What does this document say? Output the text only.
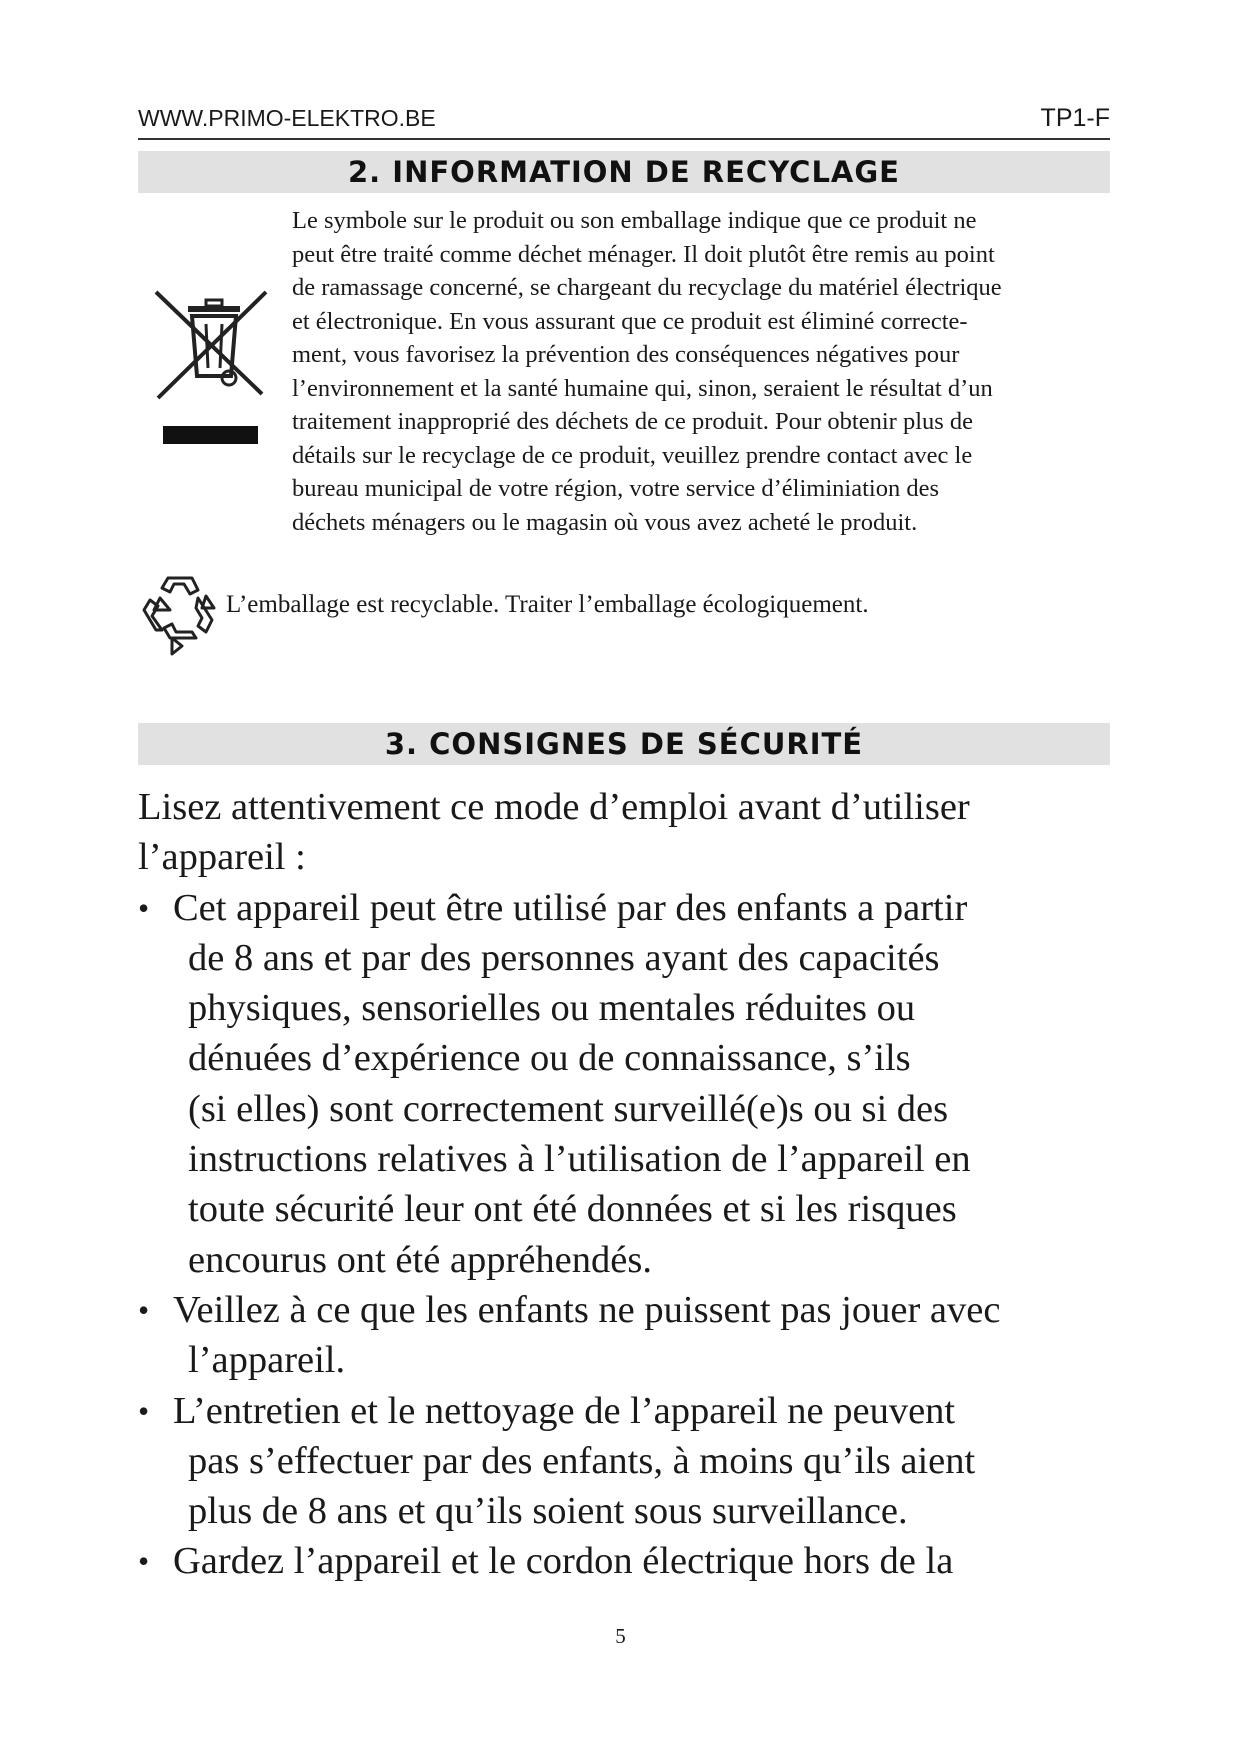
WWW.PRIMO-ELEKTRO.BE	TP1-F
2. INFORMATION DE RECYCLAGE
Le symbole sur le produit ou son emballage indique que ce produit ne
peut être traité comme déchet ménager. Il doit plutôt être remis au point
de ramassage concerné, se chargeant du recyclage du matériel électrique
et électronique. En vous assurant que ce produit est éliminé correcte-
ment, vous favorisez la prévention des conséquences négatives pour
l’environnement et la santé humaine qui, sinon, seraient le résultat d’un
traitement inapproprié des déchets de ce produit. Pour obtenir plus de
détails sur le recyclage de ce produit, veuillez prendre contact avec le
bureau municipal de votre région, votre service d’éliminiation des
déchets ménagers ou le magasin où vous avez acheté le produit.
L’emballage est recyclable. Traiter l’emballage écologiquement.
3. CONSIGNES DE SÉCURITÉ
Lisez attentivement ce mode d’emploi avant d’utiliser
l’appareil :
• Cet appareil peut être utilisé par des enfants a partir
de 8 ans et par des personnes ayant des capacités
physiques, sensorielles ou mentales réduites ou
dénuées d’expérience ou de connaissance, s’ils
(si elles) sont correctement surveillé(e)s ou si des
instructions relatives à l’utilisation de l’appareil en
toute sécurité leur ont été données et si les risques
encourus ont été appréhendés.
• Veillez à ce que les enfants ne puissent pas jouer avec
l’appareil.
• L’entretien et le nettoyage de l’appareil ne peuvent
pas s’effectuer par des enfants, à moins qu’ils aient
plus de 8 ans et qu’ils soient sous surveillance.
• Gardez l’appareil et le cordon électrique hors de la
5
